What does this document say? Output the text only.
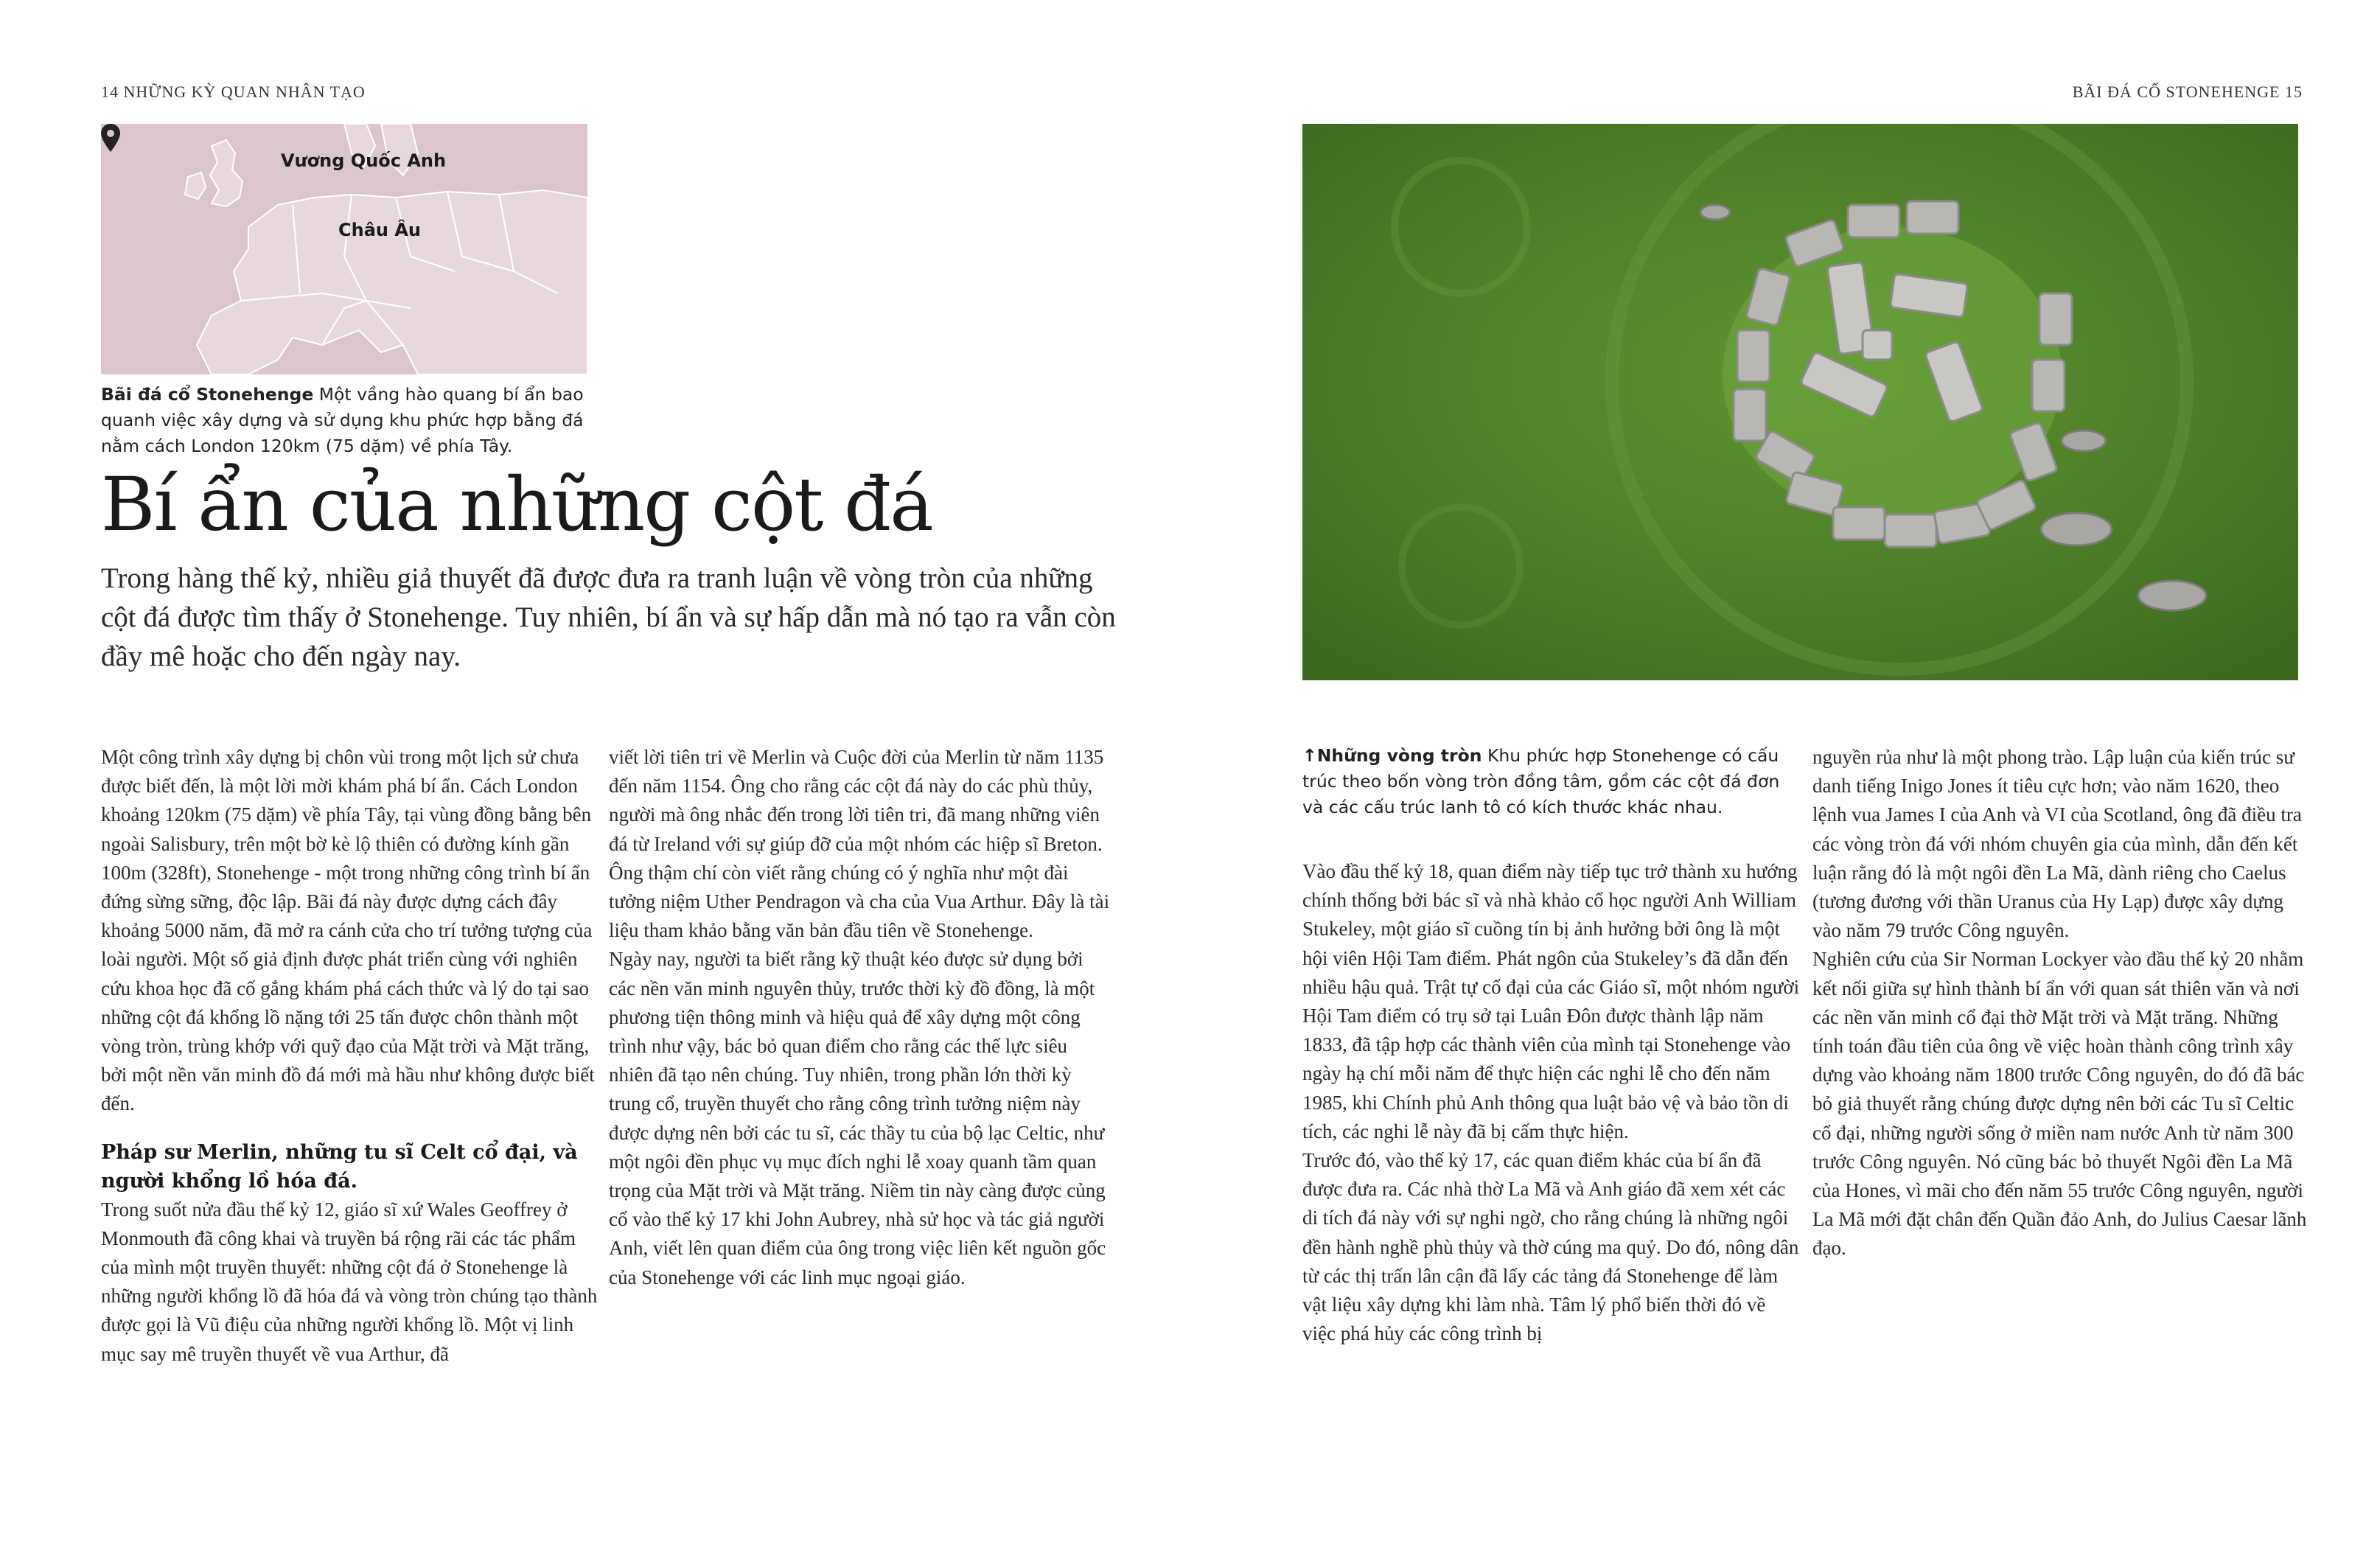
14 NHỮNG KỲ QUAN NHÂN TẠO
Vương Quốc Anh
Châu Âu
Bãi đá cổ Stonehenge Một vầng hào quang bí ẩn bao quanh việc xây dựng và sử dụng khu phức hợp bằng đá nằm cách London 120km (75 dặm) về phía Tây.
Bí ẩn của những cột đá

Trong hàng thế kỷ, nhiều giả thuyết đã được đưa ra tranh luận về vòng tròn của những cột đá được tìm thấy ở Stonehenge. Tuy nhiên, bí ẩn và sự hấp dẫn mà nó tạo ra vẫn còn đầy mê hoặc cho đến ngày nay.

Một công trình xây dựng bị chôn vùi trong một lịch sử chưa được biết đến, là một lời mời khám phá bí ẩn. Cách London khoảng 120km (75 dặm) về phía Tây, tại vùng đồng bằng bên ngoài Salisbury, trên một bờ kè lộ thiên có đường kính gần 100m (328ft), Stonehenge - một trong những công trình bí ẩn đứng sừng sững, độc lập. Bãi đá này được dựng cách đây khoảng 5000 năm, đã mở ra cánh cửa cho trí tưởng tượng của loài người. Một số giả định được phát triển cùng với nghiên cứu khoa học đã cố gắng khám phá cách thức và lý do tại sao những cột đá khổng lồ nặng tới 25 tấn được chôn thành một vòng tròn, trùng khớp với quỹ đạo của Mặt trời và Mặt trăng, bởi một nền văn minh đồ đá mới mà hầu như không được biết đến.

Pháp sư Merlin, những tu sĩ Celt cổ đại, và người khổng lồ hóa đá.

Trong suốt nửa đầu thế kỷ 12, giáo sĩ xứ Wales Geoffrey ở Monmouth đã công khai và truyền bá rộng rãi các tác phẩm của mình một truyền thuyết: những cột đá ở Stonehenge là những người khổng lồ đã hóa đá và vòng tròn chúng tạo thành được gọi là Vũ điệu của những người khổng lồ. Một vị linh mục say mê truyền thuyết về vua Arthur, đã

viết lời tiên tri về Merlin và Cuộc đời của Merlin từ năm 1135 đến năm 1154. Ông cho rằng các cột đá này do các phù thủy, người mà ông nhắc đến trong lời tiên tri, đã mang những viên đá từ Ireland với sự giúp đỡ của một nhóm các hiệp sĩ Breton. Ông thậm chí còn viết rằng chúng có ý nghĩa như một đài tưởng niệm Uther Pendragon và cha của Vua Arthur. Đây là tài liệu tham khảo bằng văn bản đầu tiên về Stonehenge.

Ngày nay, người ta biết rằng kỹ thuật kéo được sử dụng bởi các nền văn minh nguyên thủy, trước thời kỳ đồ đồng, là một phương tiện thông minh và hiệu quả để xây dựng một công trình như vậy, bác bỏ quan điểm cho rằng các thế lực siêu nhiên đã tạo nên chúng. Tuy nhiên, trong phần lớn thời kỳ trung cổ, truyền thuyết cho rằng công trình tưởng niệm này được dựng nên bởi các tu sĩ, các thầy tu của bộ lạc Celtic, như một ngôi đền phục vụ mục đích nghi lễ xoay quanh tầm quan trọng của Mặt trời và Mặt trăng. Niềm tin này càng được củng cố vào thế kỷ 17 khi John Aubrey, nhà sử học và tác giả người Anh, viết lên quan điểm của ông trong việc liên kết nguồn gốc của Stonehenge với các linh mục ngoại giáo.

BÃI ĐÁ CỔ STONEHENGE 15
↑Những vòng tròn Khu phức hợp Stonehenge có cấu trúc theo bốn vòng tròn đồng tâm, gồm các cột đá đơn và các cấu trúc lanh tô có kích thước khác nhau.

Vào đầu thế kỷ 18, quan điểm này tiếp tục trở thành xu hướng chính thống bởi bác sĩ và nhà khảo cổ học người Anh William Stukeley, một giáo sĩ cuồng tín bị ảnh hưởng bởi ông là một hội viên Hội Tam điểm. Phát ngôn của Stukeley’s đã dẫn đến nhiều hậu quả. Trật tự cổ đại của các Giáo sĩ, một nhóm người Hội Tam điểm có trụ sở tại Luân Đôn được thành lập năm 1833, đã tập hợp các thành viên của mình tại Stonehenge vào ngày hạ chí mỗi năm để thực hiện các nghi lễ cho đến năm 1985, khi Chính phủ Anh thông qua luật bảo vệ và bảo tồn di tích, các nghi lễ này đã bị cấm thực hiện.

Trước đó, vào thế kỷ 17, các quan điểm khác của bí ẩn đã được đưa ra. Các nhà thờ La Mã và Anh giáo đã xem xét các di tích đá này với sự nghi ngờ, cho rằng chúng là những ngôi đền hành nghề phù thủy và thờ cúng ma quỷ. Do đó, nông dân từ các thị trấn lân cận đã lấy các tảng đá Stonehenge để làm vật liệu xây dựng khi làm nhà. Tâm lý phổ biến thời đó về việc phá hủy các công trình bị

nguyền rủa như là một phong trào. Lập luận của kiến trúc sư danh tiếng Inigo Jones ít tiêu cực hơn; vào năm 1620, theo lệnh vua James I của Anh và VI của Scotland, ông đã điều tra các vòng tròn đá với nhóm chuyên gia của mình, dẫn đến kết luận rằng đó là một ngôi đền La Mã, dành riêng cho Caelus (tương đương với thần Uranus của Hy Lạp) được xây dựng vào năm 79 trước Công nguyên.

Nghiên cứu của Sir Norman Lockyer vào đầu thế kỷ 20 nhằm kết nối giữa sự hình thành bí ẩn với quan sát thiên văn và nơi các nền văn minh cổ đại thờ Mặt trời và Mặt trăng. Những tính toán đầu tiên của ông về việc hoàn thành công trình xây dựng vào khoảng năm 1800 trước Công nguyên, do đó đã bác bỏ giả thuyết rằng chúng được dựng nên bởi các Tu sĩ Celtic cổ đại, những người sống ở miền nam nước Anh từ năm 300 trước Công nguyên. Nó cũng bác bỏ thuyết Ngôi đền La Mã của Hones, vì mãi cho đến năm 55 trước Công nguyên, người La Mã mới đặt chân đến Quần đảo Anh, do Julius Caesar lãnh đạo.
